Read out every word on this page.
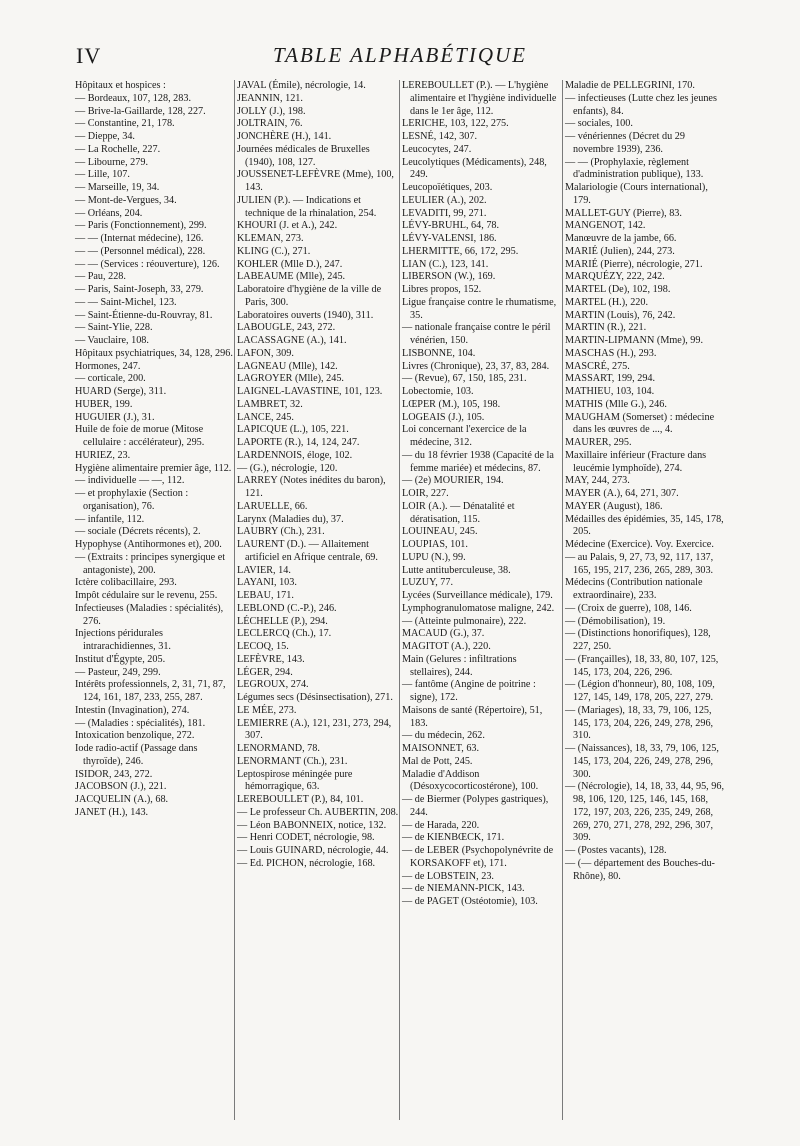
IV	TABLE ALPHABÉTIQUE
Hôpitaux et hospices :
— Bordeaux, 107, 128, 283.
— Brive-la-Gaillarde, 128, 227.
— Constantine, 21, 178.
— Dieppe, 34.
— La Rochelle, 227.
— Libourne, 279.
— Lille, 107.
— Marseille, 19, 34.
— Mont-de-Vergues, 34.
— Orléans, 204.
— Paris (Fonctionnement), 299.
— — (Internat médecine), 126.
— — (Personnel médical), 228.
— — (Services : réouverture), 126.
— Pau, 228.
— Paris, Saint-Joseph, 33, 279.
— — Saint-Michel, 123.
— Saint-Étienne-du-Rouvray, 81.
— Saint-Ylie, 228.
— Vauclaire, 108.
Hôpitaux psychiatriques, 34, 128, 296.
Hormones, 247.
— corticale, 200.
HUARD (Serge), 311.
HUBER, 199.
HUGUIER (J.), 31.
Huile de foie de morue (Mitose cellulaire : accélérateur), 295.
HURIEZ, 23.
Hygiène alimentaire premier âge, 112.
— individuelle — —, 112.
— et prophylaxie (Section : organisation), 76.
— infantile, 112.
— sociale (Décrets récents), 2.
Hypophyse (Antihormones et), 200.
— (Extraits : principes synergique et antagoniste), 200.
Ictère colibacillaire, 293.
Impôt cédulaire sur le revenu, 255.
Infectieuses (Maladies : spécialités), 276.
Injections péridurales intrarachidiennes, 31.
Institut d'Égypte, 205.
— Pasteur, 249, 299.
Intérêts professionnels, 2, 31, 71, 87, 124, 161, 187, 233, 255, 287.
Intestin (Invagination), 274.
— (Maladies : spécialités), 181.
Intoxication benzolique, 272.
Iode radio-actif (Passage dans thyroïde), 246.
ISIDOR, 243, 272.
JACOBSON (J.), 221.
JACQUELIN (A.), 68.
JANET (H.), 143.
JAVAL (Émile), nécrologie, 14.
JEANNIN, 121.
JOLLY (J.), 198.
JOLTRAIN, 76.
JONCHÈRE (H.), 141.
Journées médicales de Bruxelles (1940), 108, 127.
JOUSSENET-LEFÈVRE (Mme), 100, 143.
JULIEN (P.). — Indications et technique de la rhinalation, 254.
KHOURI (J. et A.), 242.
KLEMAN, 273.
KLING (C.), 271.
KOHLER (Mlle D.), 247.
LABEAUME (Mlle), 245.
Laboratoire d'hygiène de la ville de Paris, 300.
Laboratoires ouverts (1940), 311.
LABOUGLE, 243, 272.
LACASSAGNE (A.), 141.
LAFON, 309.
LAGNEAU (Mlle), 142.
LAGROYER (Mlle), 245.
LAIGNEL-LAVASTINE, 101, 123.
LAMBRET, 32.
LANCE, 245.
LAPICQUE (L.), 105, 221.
LAPORTE (R.), 14, 124, 247.
LARDENNOIS, éloge, 102.
— (G.), nécrologie, 120.
LARREY (Notes inédites du baron), 121.
LARUELLE, 66.
Larynx (Maladies du), 37.
LAUBRY (Ch.), 231.
LAURENT (D.). — Allaitement artificiel en Afrique centrale, 69.
LAVIER, 14.
LAYANI, 103.
LEBAU, 171.
LEBLOND (C.-P.), 246.
LÉCHELLE (P.), 294.
LECLERCQ (Ch.), 17.
LECOQ, 15.
LEFÈVRE, 143.
LÉGER, 294.
LEGROUX, 274.
Légumes secs (Désinsectisation), 271.
LE MÉE, 273.
LEMIERRE (A.), 121, 231, 273, 294, 307.
LENORMAND, 78.
LENORMANT (Ch.), 231.
Leptospirose méningée pure hémorragique, 63.
LEREBOULLET (P.), 84, 101.
— Le professeur Ch. AUBERTIN, 208.
— Léon BABONNEIX, notice, 132.
— Henri CODET, nécrologie, 98.
— Louis GUINARD, nécrologie, 44.
— Ed. PICHON, nécrologie, 168.
LEREBOULLET (P.). — L'hygiène alimentaire et l'hygiène individuelle dans le 1er âge, 112.
LERICHE, 103, 122, 275.
LESNÉ, 142, 307.
Leucocytes, 247.
Leucolytiques (Médicaments), 248, 249.
Leucopoïétiques, 203.
LEULIER (A.), 202.
LEVADITI, 99, 271.
LÉVY-BRUHL, 64, 78.
LÉVY-VALENSI, 186.
LHERMITTE, 66, 172, 295.
LIAN (C.), 123, 141.
LIBERSON (W.), 169.
Libres propos, 152.
Ligue française contre le rhumatisme, 35.
— nationale française contre le péril vénérien, 150.
LISBONNE, 104.
Livres (Chronique), 23, 37, 83, 284.
— (Revue), 67, 150, 185, 231.
Lobectomie, 103.
LŒPER (M.), 105, 198.
LOGEAIS (J.), 105.
Loi concernant l'exercice de la médecine, 312.
— du 18 février 1938 (Capacité de la femme mariée) et médecins, 87.
— (2e) MOURIER, 194.
LOIR, 227.
LOIR (A.). — Dénatalité et dératisation, 115.
LOUINEAU, 245.
LOUPIAS, 101.
LUPU (N.), 99.
Lutte antituberculeuse, 38.
LUZUY, 77.
Lycées (Surveillance médicale), 179.
Lymphogranulomatose maligne, 242.
— (Atteinte pulmonaire), 222.
MACAUD (G.), 37.
MAGITOT (A.), 220.
Main (Gelures : infiltrations stellaires), 244.
— fantôme (Angine de poitrine : signe), 172.
Maisons de santé (Répertoire), 51, 183.
— du médecin, 262.
MAISONNET, 63.
Mal de Pott, 245.
Maladie d'Addison (Désoxycocorticostérone), 100.
— de Biermer (Polypes gastriques), 244.
— de Harada, 220.
— de KIENBŒCK, 171.
— de LEBER (Psychopolynévrite de KORSAKOFF et), 171.
— de LOBSTEIN, 23.
— de NIEMANN-PICK, 143.
— de PAGET (Ostéotomie), 103.
Maladie de PELLEGRINI, 170.
— infectieuses (Lutte chez les jeunes enfants), 84.
— sociales, 100.
— vénériennes (Décret du 29 novembre 1939), 236.
— — (Prophylaxie, règlement d'administration publique), 133.
Malariologie (Cours international), 179.
MALLET-GUY (Pierre), 83.
MANGENOT, 142.
Manœuvre de la jambe, 66.
MARIÉ (Julien), 244, 273.
MARIÉ (Pierre), nécrologie, 271.
MARQUÉZY, 222, 242.
MARTEL (De), 102, 198.
MARTEL (H.), 220.
MARTIN (Louis), 76, 242.
MARTIN (R.), 221.
MARTIN-LIPMANN (Mme), 99.
MASCHAS (H.), 293.
MASCRÉ, 275.
MASSART, 199, 294.
MATHIEU, 103, 104.
MATHIS (Mlle G.), 246.
MAUGHAM (Somerset) : médecine dans les œuvres de ..., 4.
MAURER, 295.
Maxillaire inférieur (Fracture dans leucémie lymphoïde), 274.
MAY, 244, 273.
MAYER (A.), 64, 271, 307.
MAYER (August), 186.
Médailles des épidémies, 35, 145, 178, 205.
Médecine (Exercice). Voy. Exercice.
— au Palais, 9, 27, 73, 92, 117, 137, 165, 195, 217, 236, 265, 289, 303.
Médecins (Contribution nationale extraordinaire), 233.
— (Croix de guerre), 108, 146.
— (Démobilisation), 19.
— (Distinctions honorifiques), 128, 227, 250.
— (Françailles), 18, 33, 80, 107, 125, 145, 173, 204, 226, 296.
— (Légion d'honneur), 80, 108, 109, 127, 145, 149, 178, 205, 227, 279.
— (Mariages), 18, 33, 79, 106, 125, 145, 173, 204, 226, 249, 278, 296, 310.
— (Naissances), 18, 33, 79, 106, 125, 145, 173, 204, 226, 249, 278, 296, 300.
— (Nécrologie), 14, 18, 33, 44, 95, 96, 98, 106, 120, 125, 146, 145, 168, 172, 197, 203, 226, 235, 249, 268, 269, 270, 271, 278, 292, 296, 307, 309.
— (Postes vacants), 128.
— (— département des Bouches-du-Rhône), 80.
